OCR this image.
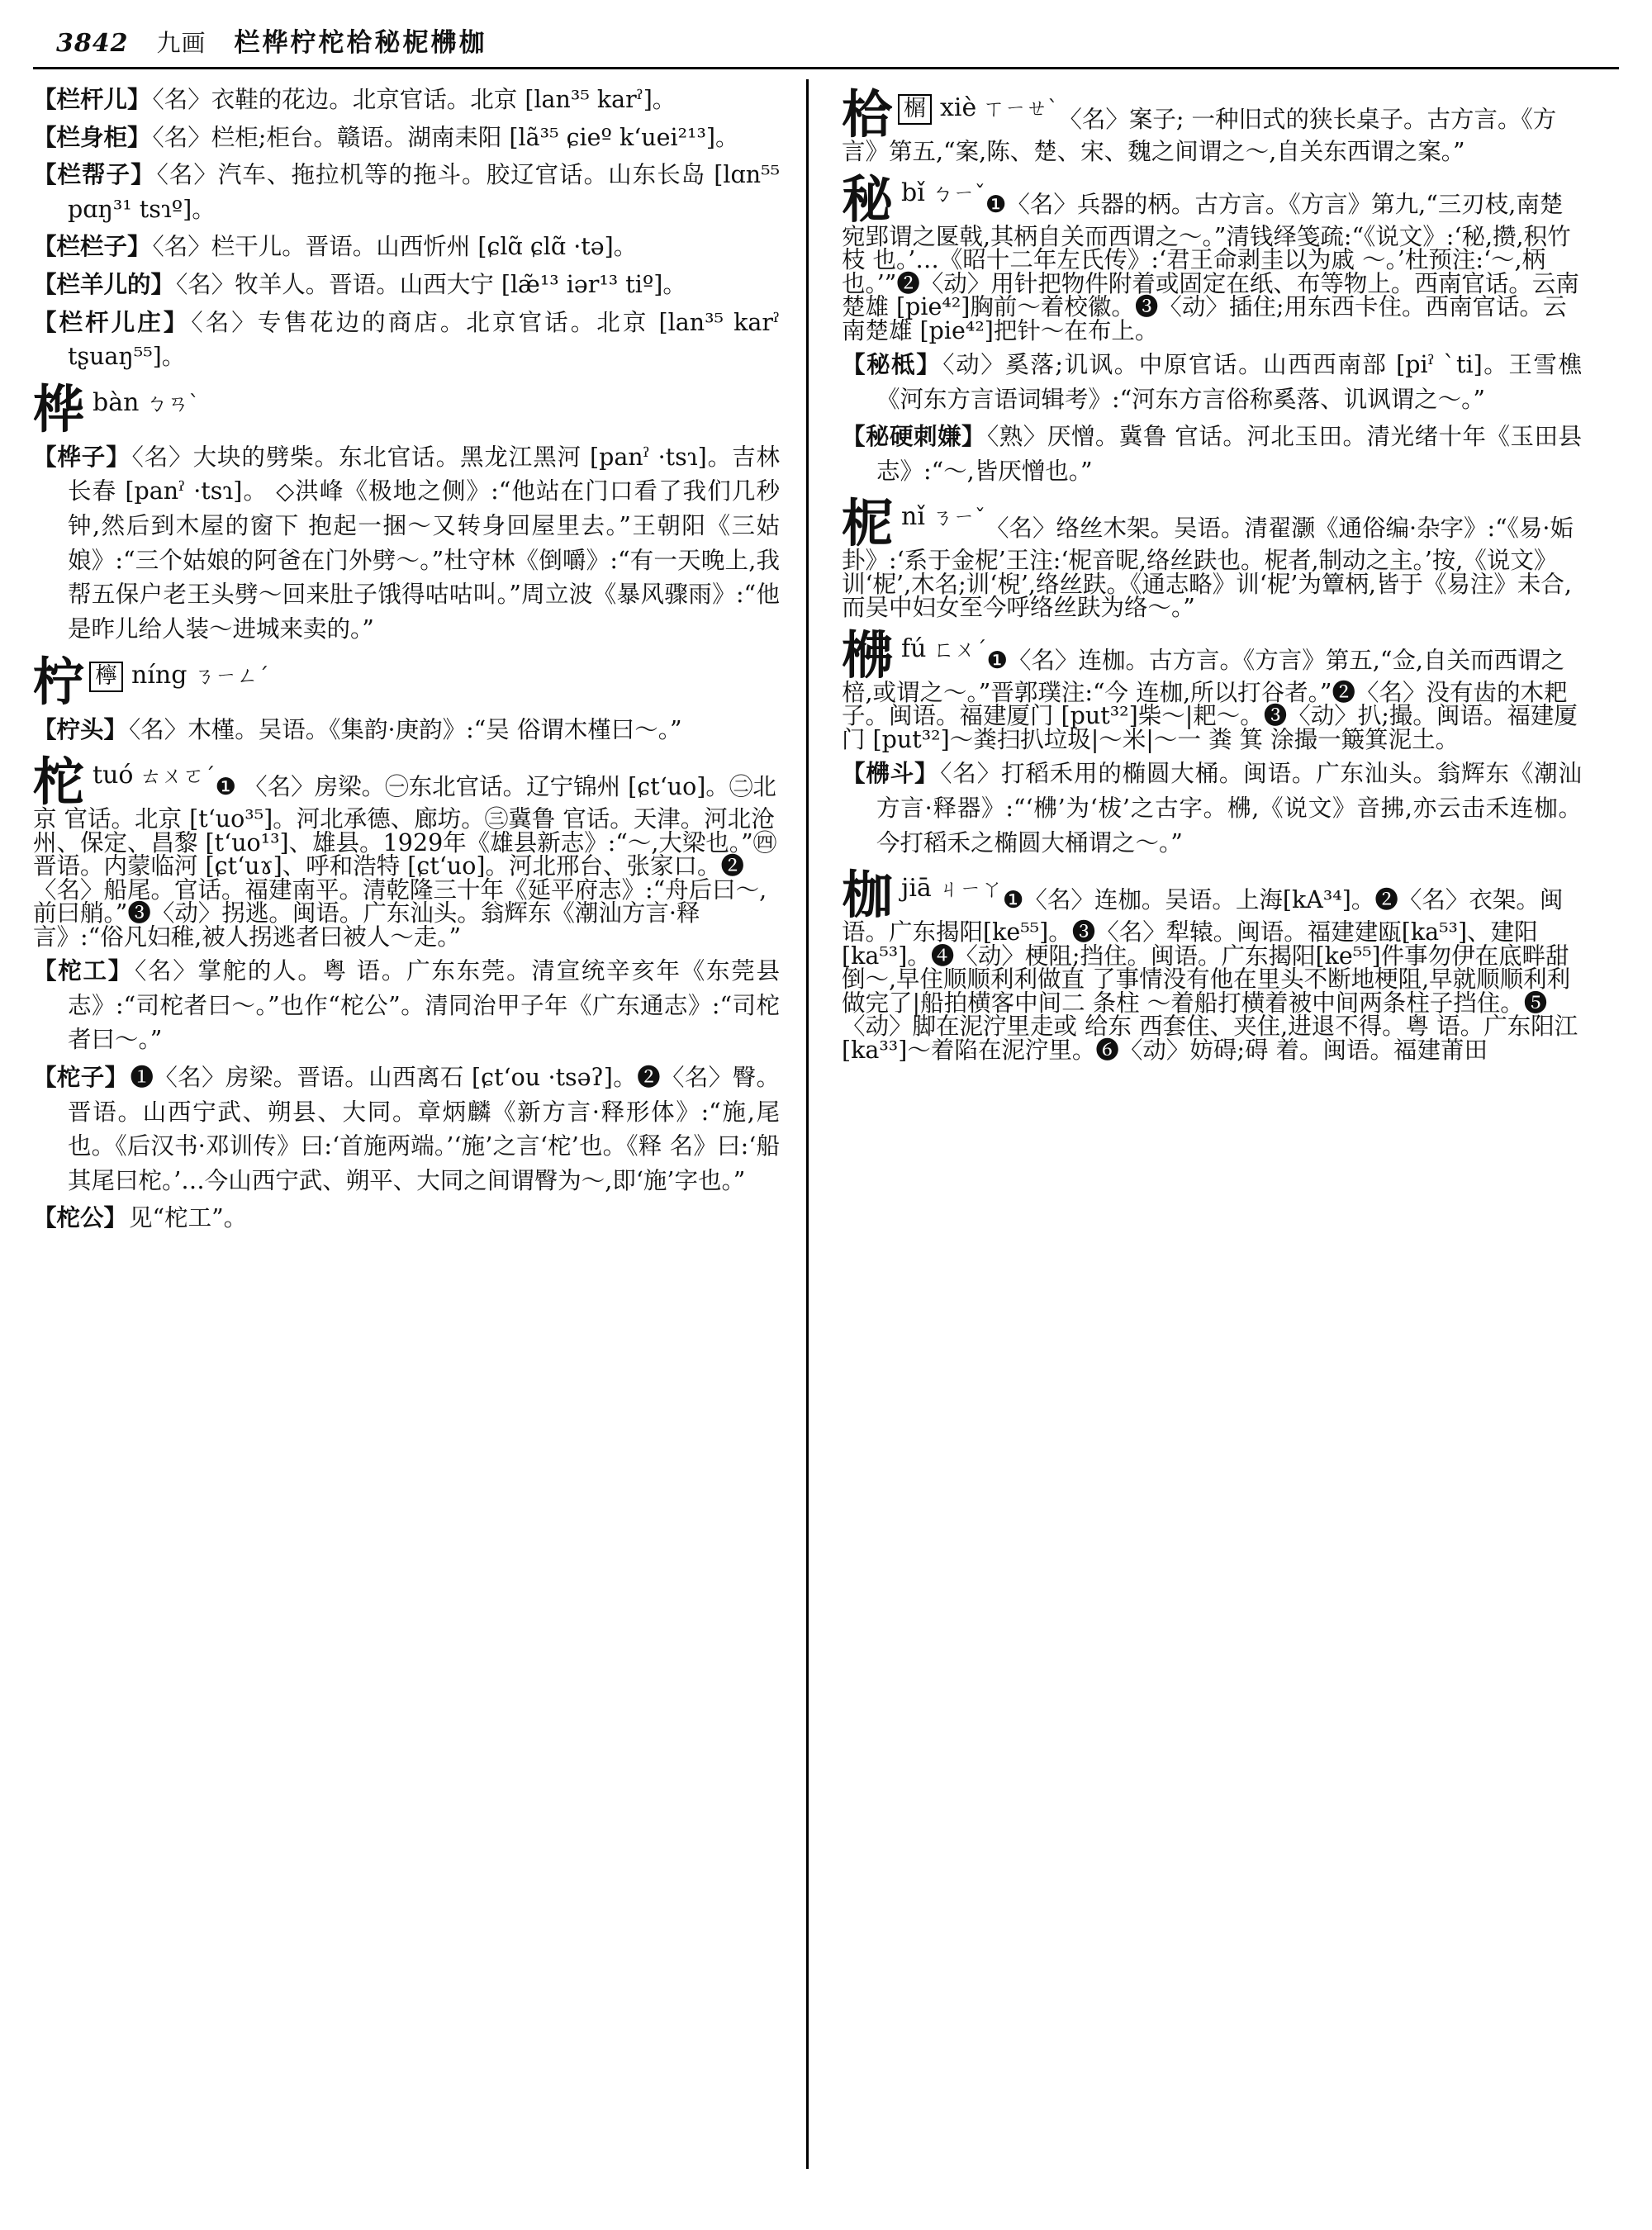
3842 九画 栏桦柠柁㭘秘柅梻枷
【栏杆儿】〈名〉衣鞋的花边。北京官话。北京 [lan³⁵ karˀ]。
【栏身柜】〈名〉栏柜;柜台。赣语。湖南耒阳 [lã³⁵ ɕieº kʻuei²¹³]。
【栏帮子】〈名〉汽车、拖拉机等的拖斗。胶辽官话。山东长岛 [lɑn⁵⁵ pɑŋ³¹ tsɿº]。
【栏栏子】〈名〉栏干儿。晋语。山西忻州 [ɕlɑ̃ ɕlɑ̃ ·tə]。
【栏羊儿的】〈名〉牧羊人。晋语。山西大宁 [læ̃¹³ iər¹³ tiº]。
【栏杆儿庄】〈名〉专售花边的商店。北京官话。北京 [lan³⁵ karˀ tʂuaŋ⁵⁵]。
桦bàn ㄅㄢˋ
【桦子】〈名〉大块的劈柴。东北官话。黑龙江黑河 [panˀ ·tsɿ]。吉林长春 [panˀ ·tsɿ]。 ◇洪峰《极地之侧》:“他站在门口看了我们几秒钟,然后到木屋的窗下 抱起一捆～又转身回屋里去。”王朝阳《三姑娘》:“三个姑娘的阿爸在门外劈～。”杜守林《倒嚼》:“有一天晚上,我帮五保户老王头劈～回来肚子饿得咕咕叫。”周立波《暴风骤雨》:“他是昨儿给人装～进城来卖的。”
柠 檸 níng ㄋㄧㄥˊ
【柠头】〈名〉木槿。吴语。《集韵·庚韵》:“吴 俗谓木槿曰～。”
柁tuó ㄊㄨㄛˊ❶ 〈名〉房梁。㊀东北官话。辽宁锦州 [ɕtʻuo]。㊁北京 官话。北京 [tʻuo³⁵]。河北承德、廊坊。㊂冀鲁 官话。天津。河北沧州、保定、昌黎 [tʻuo¹³]、雄县。1929年《雄县新志》:“～,大梁也。”㊃晋语。内蒙临河 [ɕtʻuɤ]、呼和浩特 [ɕtʻuo]。河北邢台、张家口。❷〈名〉船尾。官话。福建南平。清乾隆三十年《延平府志》:“舟后曰～,前曰艄。”❸〈动〉拐逃。闽语。广东汕头。翁辉东《潮汕方言·释言》:“俗凡妇稚,被人拐逃者曰被人～走。”
【柁工】〈名〉掌舵的人。粤 语。广东东莞。清宣统辛亥年《东莞县志》:“司柁者曰～。”也作“柁公”。清同治甲子年《广东通志》:“司柁者曰～。”
【柁子】❶〈名〉房梁。晋语。山西离石 [ɕtʻou ·tsəʔ]。❷〈名〉臀。晋语。山西宁武、朔县、大同。章炳麟《新方言·释形体》:“施,尾也。《后汉书·邓训传》曰:‘首施两端。’‘施’之言‘柁’也。《释 名》曰:‘船其尾曰柁。’…今山西宁武、朔平、大同之间谓臀为～,即‘施’字也。”
【柁公】见“柁工”。
㭘 榍 xiè ㄒㄧㄝˋ〈名〉案子; 一种旧式的狭长桌子。古方言。《方言》第五,“案,陈、楚、宋、魏之间谓之～,自关东西谓之案。”
秘bǐ ㄅㄧˇ❶〈名〉兵器的柄。古方言。《方言》第九,“三刃枝,南楚宛郢谓之匽戟,其柄自关而西谓之～。”清钱绎笺疏:“《说文》:‘秘,攒,积竹 枝 也。’…《昭十二年左氏传》:‘君王命剥圭以为戚 ～。’杜预注:‘～,柄也。’”❷〈动〉用针把物件附着或固定在纸、布等物上。西南官话。云南楚雄 [pie⁴²]胸前～着校徽。❸〈动〉插住;用东西卡住。西南官话。云南楚雄 [pie⁴²]把针～在布上。
【秘柢】〈动〉奚落;讥讽。中原官话。山西西南部 [piˀ ˋti]。王雪樵《河东方言语词辑考》:“河东方言俗称奚落、讥讽谓之～。”
【秘硬刺嫌】〈熟〉厌憎。冀鲁 官话。河北玉田。清光绪十年《玉田县志》:“～,皆厌憎也。”
柅nǐ ㄋㄧˇ〈名〉络丝木架。吴语。清翟灏《通俗编·杂字》:“《易·姤卦》:‘系于金柅’王注:‘柅音昵,络丝趺也。柅者,制动之主。’按,《说文》训‘柅’,木名;训‘棿’,络丝趺。《通志略》训‘柅’为簟柄,皆于《易注》未合,而吴中妇女至今呼络丝趺为络～。”
梻fú ㄈㄨˊ❶〈名〉连枷。古方言。《方言》第五,“佥,自关而西谓之棓,或谓之～。”晋郭璞注:“今 连枷,所以打谷者。”❷〈名〉没有齿的木耙子。闽语。福建厦门 [put³²]柴～|耙～。❸〈动〉扒;撮。闽语。福建厦门 [put³²]～粪扫扒垃圾|～米|～一 粪 箕 涂撮一簸箕泥土。
【梻斗】〈名〉打稻禾用的椭圆大桶。闽语。广东汕头。翁辉东《潮汕方言·释器》:“‘梻’为‘柭’之古字。梻,《说文》音拂,亦云击禾连枷。今打稻禾之椭圆大桶谓之～。”
枷jiā ㄐㄧㄚ❶〈名〉连枷。吴语。上海[kA³⁴]。❷〈名〉衣架。闽语。广东揭阳[ke⁵⁵]。❸〈名〉犁辕。闽语。福建建瓯[ka⁵³]、建阳[ka⁵³]。❹〈动〉梗阻;挡住。闽语。广东揭阳[ke⁵⁵]件事勿伊在底畔甜倒～,早住顺顺利利做直 了事情没有他在里头不断地梗阻,早就顺顺利利做完了|船拍横客中间二 条柱 ～着船打横着被中间两条柱子挡住。❺〈动〉脚在泥泞里走或 给东 西套住、夹住,进退不得。粤 语。广东阳江 [ka³³]～着陷在泥泞里。❻〈动〉妨碍;碍 着。闽语。福建莆田
